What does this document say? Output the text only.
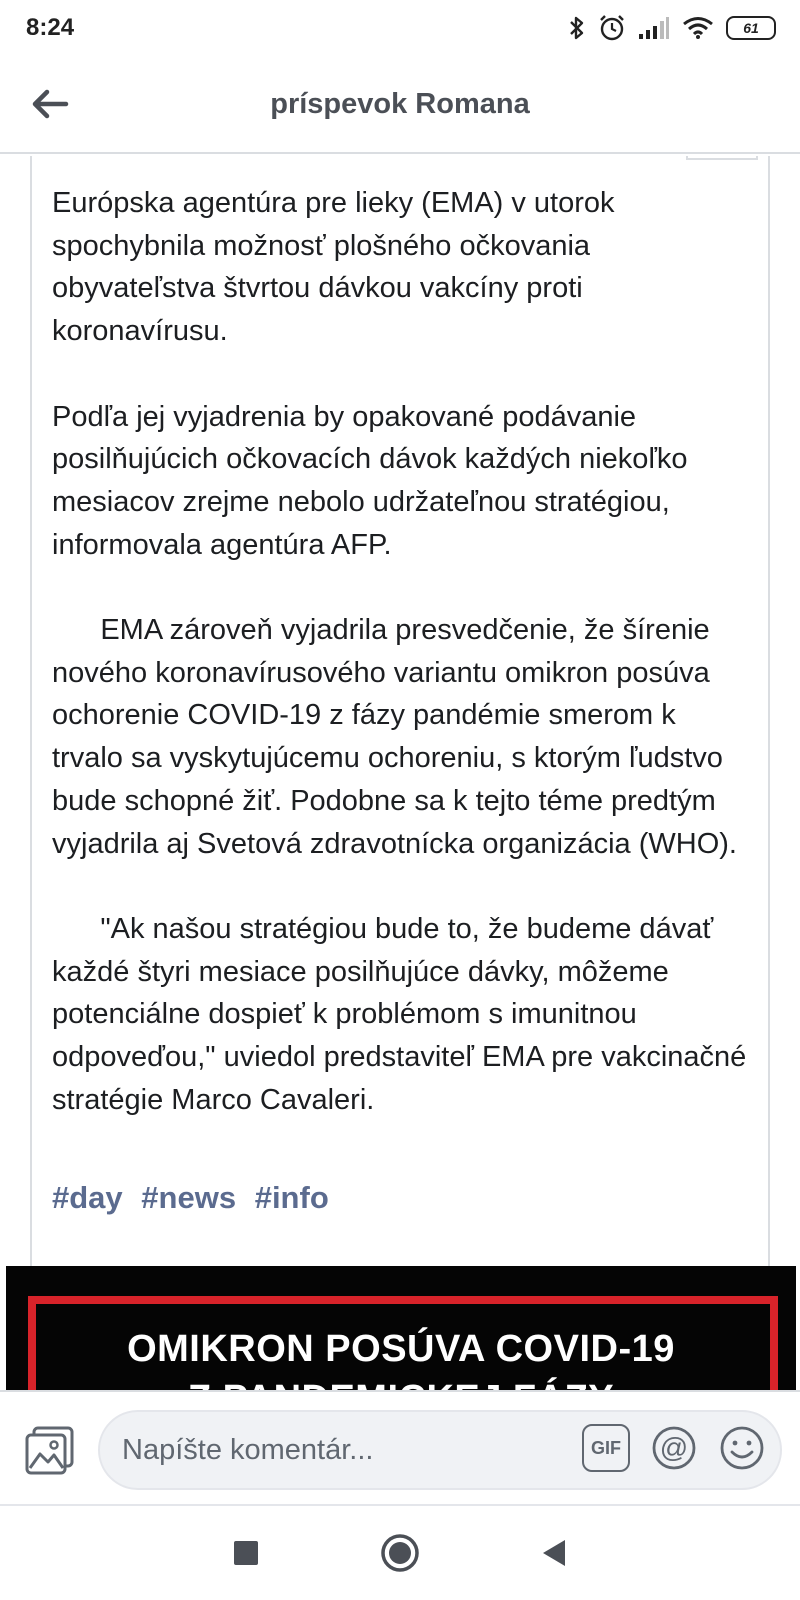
8:24	61
príspevok Romana

Európska agentúra pre lieky (EMA) v utorok spochybnila možnosť plošného očkovania obyvateľstva štvrtou dávkou vakcíny proti koronavírusu.

Podľa jej vyjadrenia by opakované podávanie posilňujúcich očkovacích dávok každých niekoľko mesiacov zrejme nebolo udržateľnou stratégiou, informovala agentúra AFP.

EMA zároveň vyjadrila presvedčenie, že šírenie nového koronavírusového variantu omikron posúva ochorenie COVID-19 z fázy pandémie smerom k trvalo sa vyskytujúcemu ochoreniu, s ktorým ľudstvo bude schopné žiť. Podobne sa k tejto téme predtým vyjadrila aj Svetová zdravotnícka organizácia (WHO).

"Ak našou stratégiou bude to, že budeme dávať každé štyri mesiace posilňujúce dávky, môžeme potenciálne dospieť k problémom s imunitnou odpoveďou," uviedol predstaviteľ EMA pre vakcinačné stratégie Marco Cavaleri.

#day #news #info
OMIKRON POSÚVA COVID-19
Napíšte komentár...	GIF	@
